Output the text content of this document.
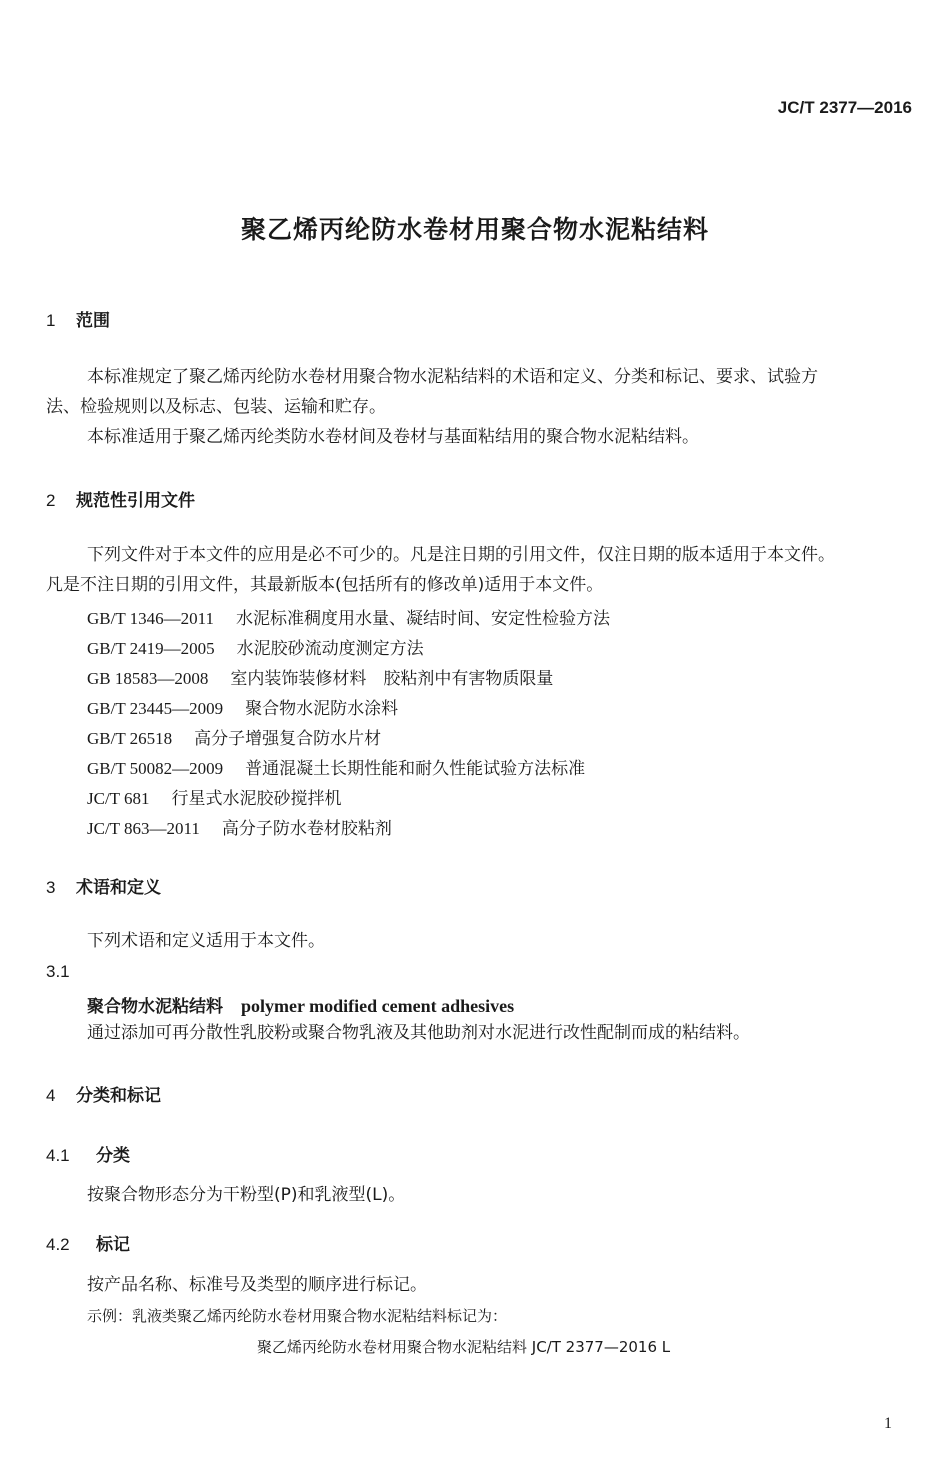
JC/T 2377—2016
聚乙烯丙纶防水卷材用聚合物水泥粘结料
1 范围
本标准规定了聚乙烯丙纶防水卷材用聚合物水泥粘结料的术语和定义、分类和标记、要求、试验方
法、检验规则以及标志、包装、运输和贮存。
本标准适用于聚乙烯丙纶类防水卷材间及卷材与基面粘结用的聚合物水泥粘结料。
2 规范性引用文件
下列文件对于本文件的应用是必不可少的。凡是注日期的引用文件，仅注日期的版本适用于本文件。
凡是不注日期的引用文件，其最新版本(包括所有的修改单)适用于本文件。
GB/T 1346—2011 水泥标准稠度用水量、凝结时间、安定性检验方法
GB/T 2419—2005 水泥胶砂流动度测定方法
GB 18583—2008 室内装饰装修材料　胶粘剂中有害物质限量
GB/T 23445—2009 聚合物水泥防水涂料
GB/T 26518 高分子增强复合防水片材
GB/T 50082—2009 普通混凝土长期性能和耐久性能试验方法标准
JC/T 681 行星式水泥胶砂搅拌机
JC/T 863—2011 高分子防水卷材胶粘剂
3 术语和定义
下列术语和定义适用于本文件。
3.1
聚合物水泥粘结料 polymer modified cement adhesives
通过添加可再分散性乳胶粉或聚合物乳液及其他助剂对水泥进行改性配制而成的粘结料。
4 分类和标记
4.1 分类
按聚合物形态分为干粉型(P)和乳液型(L)。
4.2 标记
按产品名称、标准号及类型的顺序进行标记。
示例：乳液类聚乙烯丙纶防水卷材用聚合物水泥粘结料标记为：
聚乙烯丙纶防水卷材用聚合物水泥粘结料 JC/T 2377—2016 L
1
